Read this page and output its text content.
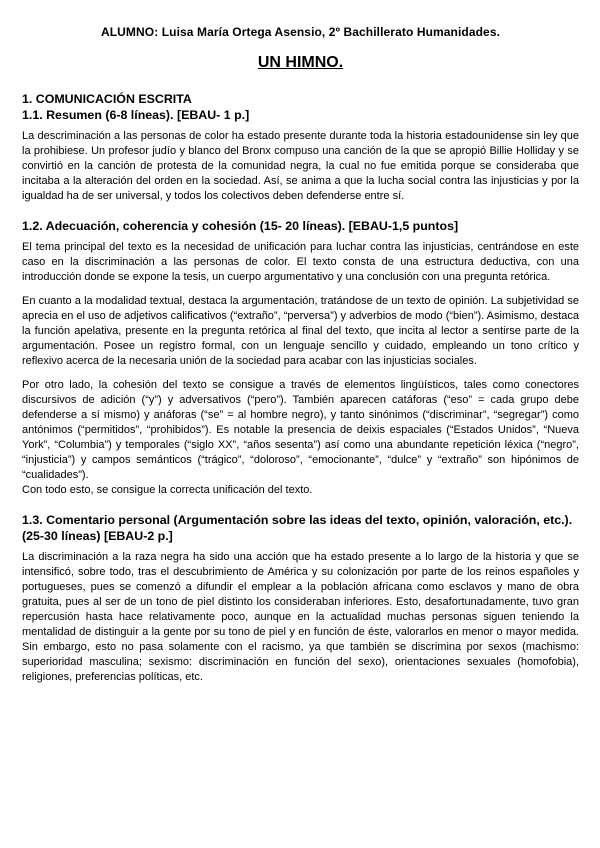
ALUMNO: Luisa María Ortega Asensio, 2º Bachillerato Humanidades.

UN HIMNO.

1. COMUNICACIÓN ESCRITA

1.1. Resumen (6-8 líneas). [EBAU- 1 p.]

La descriminación a las personas de color ha estado presente durante toda la historia estadounidense sin ley que la prohibiese. Un profesor judío y blanco del Bronx compuso una canción de la que se apropió Billie Holliday y se convirtió en la canción de protesta de la comunidad negra, la cual no fue emitida porque se consideraba que incitaba a la alteración del orden en la sociedad. Así, se anima a que la lucha social contra las injusticias y por la igualdad ha de ser universal, y todos los colectivos deben defenderse entre sí.

1.2. Adecuación, coherencia y cohesión (15- 20 líneas). [EBAU-1,5 puntos]

El tema principal del texto es la necesidad de unificación para luchar contra las injusticias, centrándose en este caso en la discriminación a las personas de color. El texto consta de una estructura deductiva, con una introducción donde se expone la tesis, un cuerpo argumentativo y una conclusión con una pregunta retórica.

En cuanto a la modalidad textual, destaca la argumentación, tratándose de un texto de opinión. La subjetividad se aprecia en el uso de adjetivos calificativos (“extraño”, “perversa”) y adverbios de modo (“bien”). Asimismo, destaca la función apelativa, presente en la pregunta retórica al final del texto, que incita al lector a sentirse parte de la argumentación. Posee un registro formal, con un lenguaje sencillo y cuidado, empleando un tono crítico y reflexivo acerca de la necesaria unión de la sociedad para acabar con las injusticias sociales.

Por otro lado, la cohesión del texto se consigue a través de elementos lingüísticos, tales como conectores discursivos de adición (“y”) y adversativos (“pero”). También aparecen catáforas (“eso” = cada grupo debe defenderse a sí mismo) y anáforas (“se” = al hombre negro), y tanto sinónimos (“discriminar”, “segregar”) como antónimos (“permitidos”, “prohibidos”). Es notable la presencia de deixis espaciales (“Estados Unidos”, “Nueva York”, “Columbia”) y temporales (“siglo XX”, “años sesenta”) así como una abundante repetición léxica (“negro”, “injusticia”) y campos semánticos (“trágico”, “doloroso”, “emocionante”, “dulce” y “extraño” son hipónimos de “cualidades”).

Con todo esto, se consigue la correcta unificación del texto.

1.3. Comentario personal (Argumentación sobre las ideas del texto, opinión, valoración, etc.). (25-30 líneas) [EBAU-2 p.]

La discriminación a la raza negra ha sido una acción que ha estado presente a lo largo de la historia y que se intensificó, sobre todo, tras el descubrimiento de América y su colonización por parte de los reinos españoles y portugueses, pues se comenzó a difundir el emplear a la población africana como esclavos y mano de obra gratuita, pues al ser de un tono de piel distinto los consideraban inferiores. Esto, desafortunadamente, tuvo gran repercusión hasta hace relativamente poco, aunque en la actualidad muchas personas siguen teniendo la mentalidad de distinguir a la gente por su tono de piel y en función de éste, valorarlos en menor o mayor medida. Sin embargo, esto no pasa solamente con el racismo, ya que también se discrimina por sexos (machismo: superioridad masculina; sexismo: discriminación en función del sexo), orientaciones sexuales (homofobia), religiones, preferencias políticas, etc.
